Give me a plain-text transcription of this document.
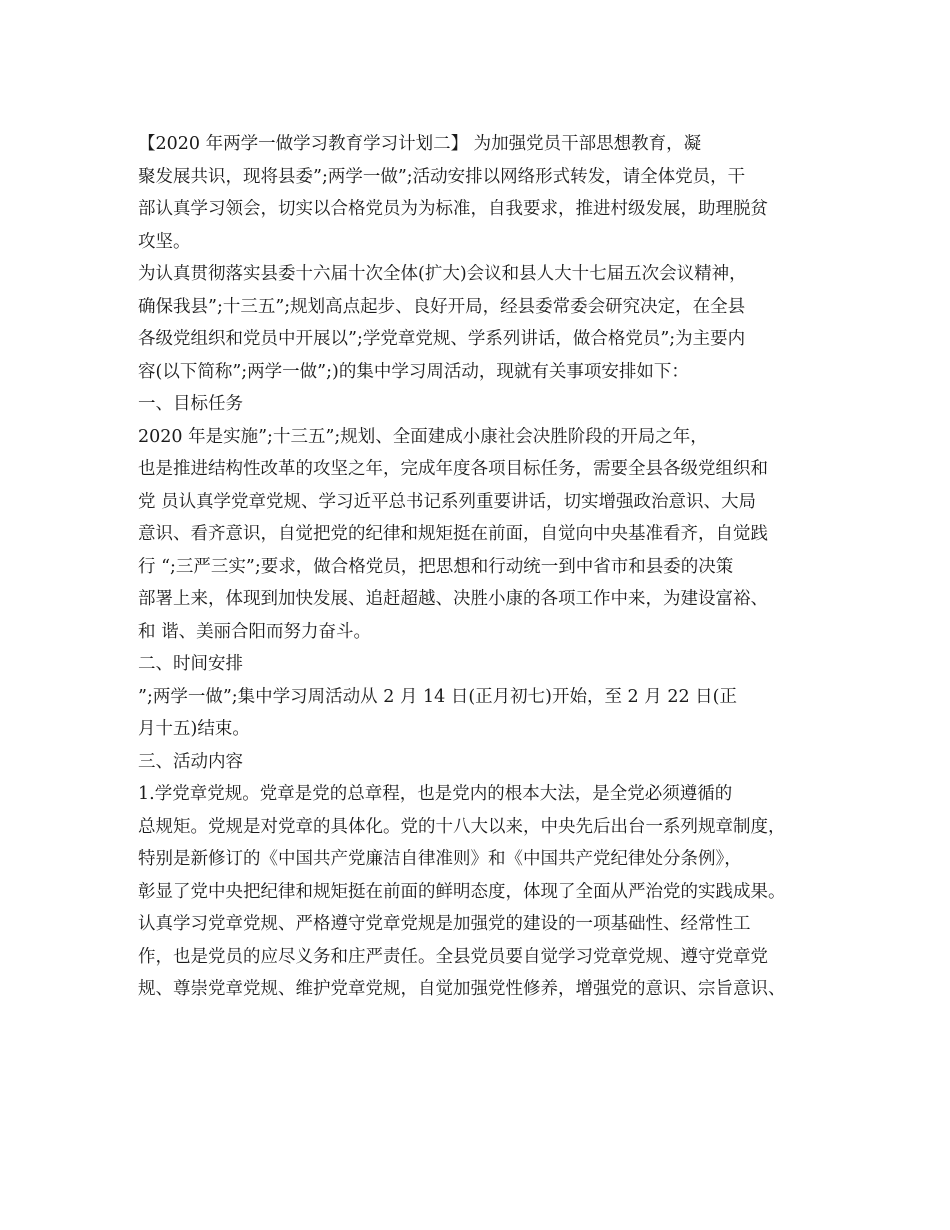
【2020 年两学一做学习教育学习计划二】 为加强党员干部思想教育，凝

聚发展共识，现将县委”;两学一做”;活动安排以网络形式转发，请全体党员，干

部认真学习领会，切实以合格党员为为标准，自我要求，推进村级发展，助理脱贫

攻坚。

为认真贯彻落实县委十六届十次全体(扩大)会议和县人大十七届五次会议精神，

确保我县”;十三五”;规划高点起步、良好开局，经县委常委会研究决定，在全县

各级党组织和党员中开展以”;学党章党规、学系列讲话，做合格党员”;为主要内

容(以下简称”;两学一做”;)的集中学习周活动，现就有关事项安排如下：

一、目标任务

2020 年是实施”;十三五”;规划、全面建成小康社会决胜阶段的开局之年，

也是推进结构性改革的攻坚之年，完成年度各项目标任务，需要全县各级党组织和

党 员认真学党章党规、学习近平总书记系列重要讲话，切实增强政治意识、大局

意识、看齐意识，自觉把党的纪律和规矩挺在前面，自觉向中央基准看齐，自觉践

行 “;三严三实”;要求，做合格党员，把思想和行动统一到中省市和县委的决策

部署上来，体现到加快发展、追赶超越、决胜小康的各项工作中来，为建设富裕、

和 谐、美丽合阳而努力奋斗。

二、时间安排

”;两学一做”;集中学习周活动从 2 月 14 日(正月初七)开始，至 2 月 22 日(正

月十五)结束。

三、活动内容

1.学党章党规。党章是党的总章程，也是党内的根本大法，是全党必须遵循的

总规矩。党规是对党章的具体化。党的十八大以来，中央先后出台一系列规章制度，

特别是新修订的《中国共产党廉洁自律准则》和《中国共产党纪律处分条例》，

彰显了党中央把纪律和规矩挺在前面的鲜明态度，体现了全面从严治党的实践成果。

认真学习党章党规、严格遵守党章党规是加强党的建设的一项基础性、经常性工

作，也是党员的应尽义务和庄严责任。全县党员要自觉学习党章党规、遵守党章党

规、尊崇党章党规、维护党章党规，自觉加强党性修养，增强党的意识、宗旨意识、
